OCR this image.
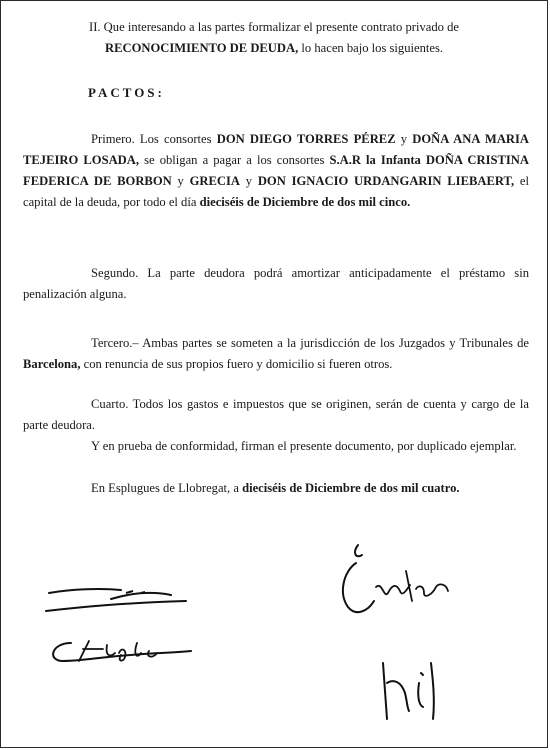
II. Que interesando a las partes formalizar el presente contrato privado de
RECONOCIMIENTO DE DEUDA, lo hacen bajo los siguientes.

PACTOS:

Primero. Los consortes DON DIEGO TORRES PÉREZ y DOÑA ANA MARIA TEJEIRO LOSADA, se obligan a pagar a los consortes S.A.R la Infanta DOÑA CRISTINA FEDERICA DE BORBON y GRECIA y DON IGNACIO URDANGARIN LIEBAERT, el capital de la deuda, por todo el día dieciséis de Diciembre de dos mil cinco.

Segundo. La parte deudora podrá amortizar anticipadamente el préstamo sin penalización alguna.

Tercero.– Ambas partes se someten a la jurisdicción de los Juzgados y Tribunales de Barcelona, con renuncia de sus propios fuero y domicilio si fueren otros.

Cuarto. Todos los gastos e impuestos que se originen, serán de cuenta y cargo de la parte deudora.

Y en prueba de conformidad, firman el presente documento, por duplicado ejemplar.

En Esplugues de Llobregat, a dieciséis de Diciembre de dos mil cuatro.
